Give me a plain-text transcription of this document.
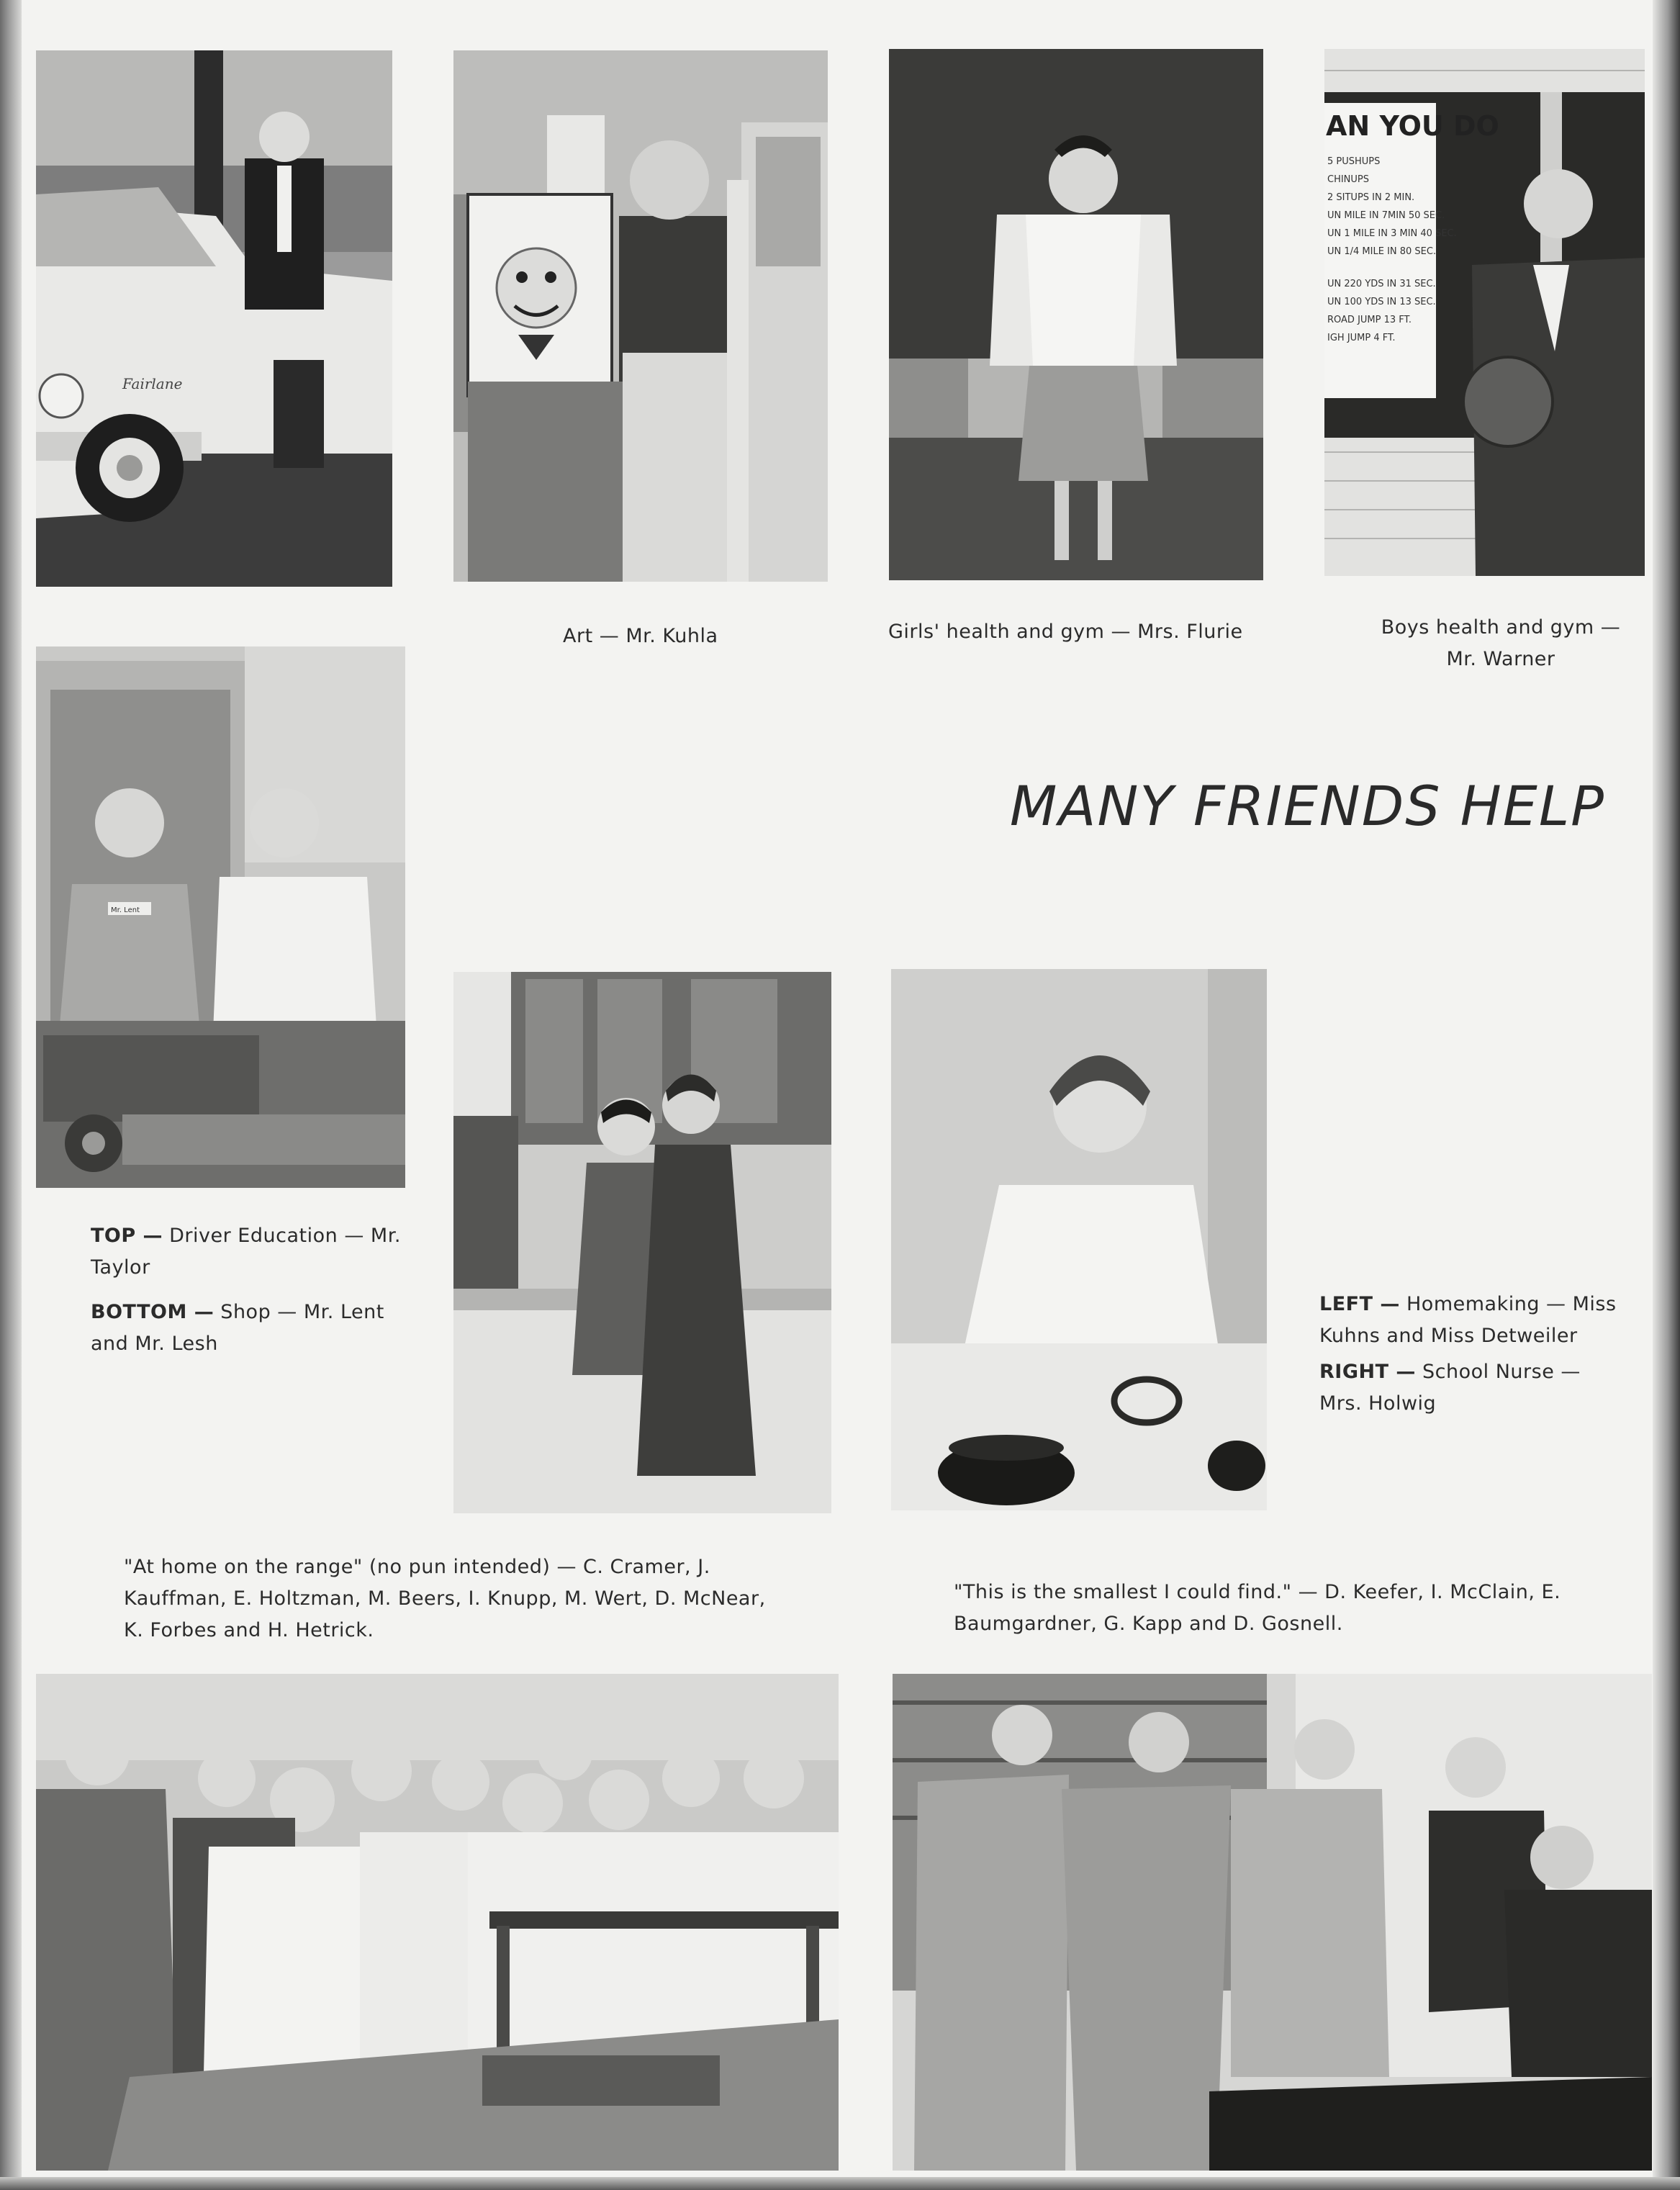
Fairlane
AN YOU DO
5 PUSHUPS
CHINUPS
2 SITUPS IN 2 MIN.
UN MILE IN 7MIN 50 SEC.
UN 1 MILE IN 3 MIN 40 SEC.
UN 1/4 MILE IN 80 SEC.
UN 220 YDS IN 31 SEC.
UN 100 YDS IN 13 SEC.
ROAD JUMP 13 FT.
IGH JUMP 4 FT.
Mr. Lent
Art — Mr. Kuhla	Girls' health and gym — Mrs. Flurie	Boys health and gym —
Mr. Warner
MANY FRIENDS HELP
TOP — Driver Education — Mr.
Taylor
BOTTOM — Shop — Mr. Lent
and Mr. Lesh
LEFT — Homemaking — Miss
Kuhns and Miss Detweiler
RIGHT — School Nurse —
Mrs. Holwig
"At home on the range" (no pun intended) — C. Cramer, J.
Kauffman, E. Holtzman, M. Beers, I. Knupp, M. Wert, D. McNear,
K. Forbes and H. Hetrick.
"This is the smallest I could find." — D. Keefer, I. McClain, E.
Baumgardner, G. Kapp and D. Gosnell.
